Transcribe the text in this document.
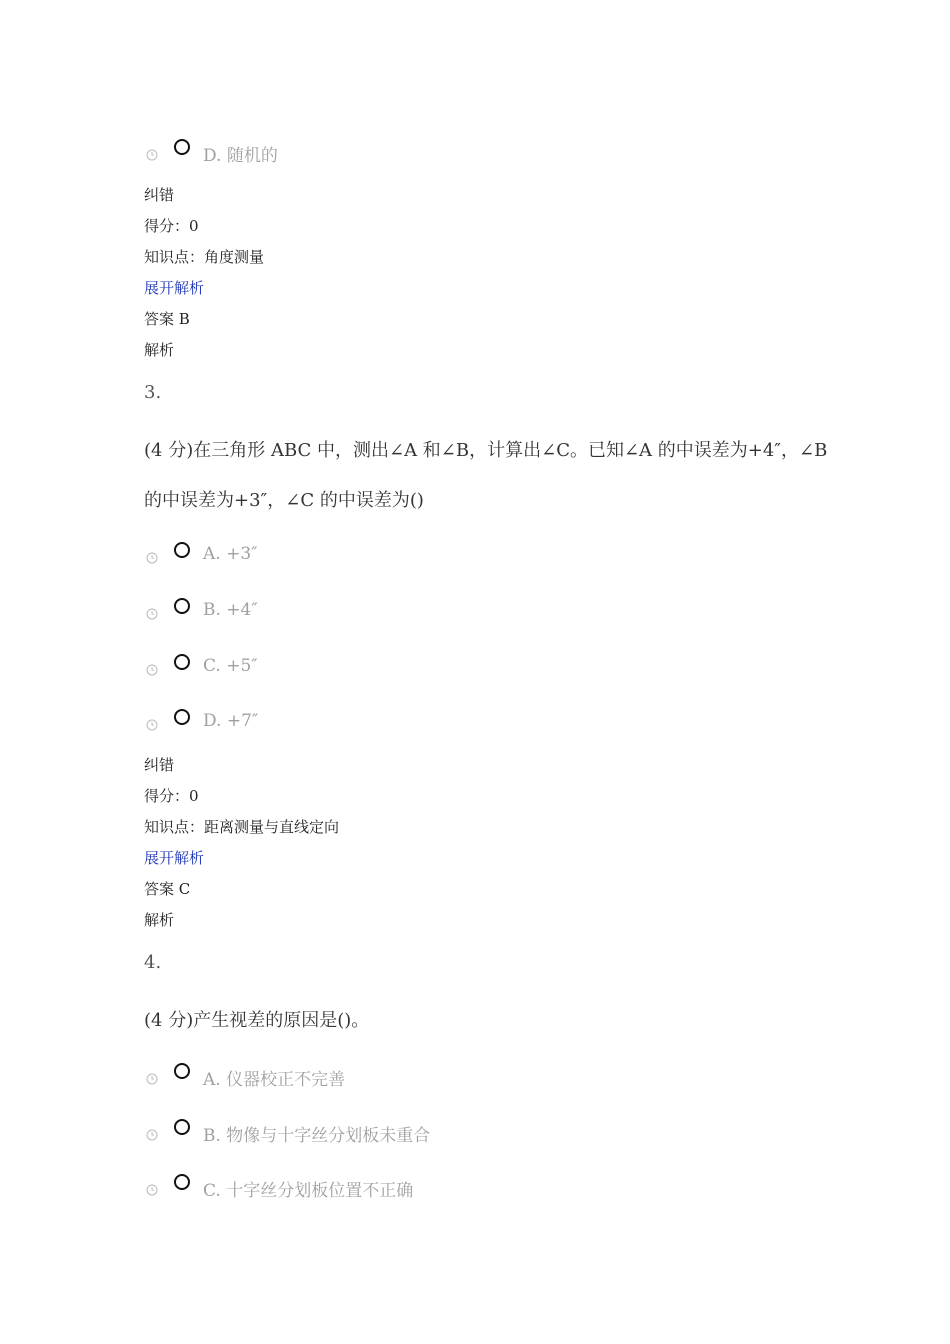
D. 随机的
纠错
得分：0
知识点：角度测量
展开解析
答案 B
解析
3.
(4 分)在三角形 ABC 中，测出∠A 和∠B，计算出∠C。已知∠A 的中误差为+4″，∠B
的中误差为+3″，∠C 的中误差为()
A. +3″
B. +4″
C. +5″
D. +7″
纠错
得分：0
知识点：距离测量与直线定向
展开解析
答案 C
解析
4.
(4 分)产生视差的原因是()。
A. 仪器校正不完善
B. 物像与十字丝分划板未重合
C. 十字丝分划板位置不正确
